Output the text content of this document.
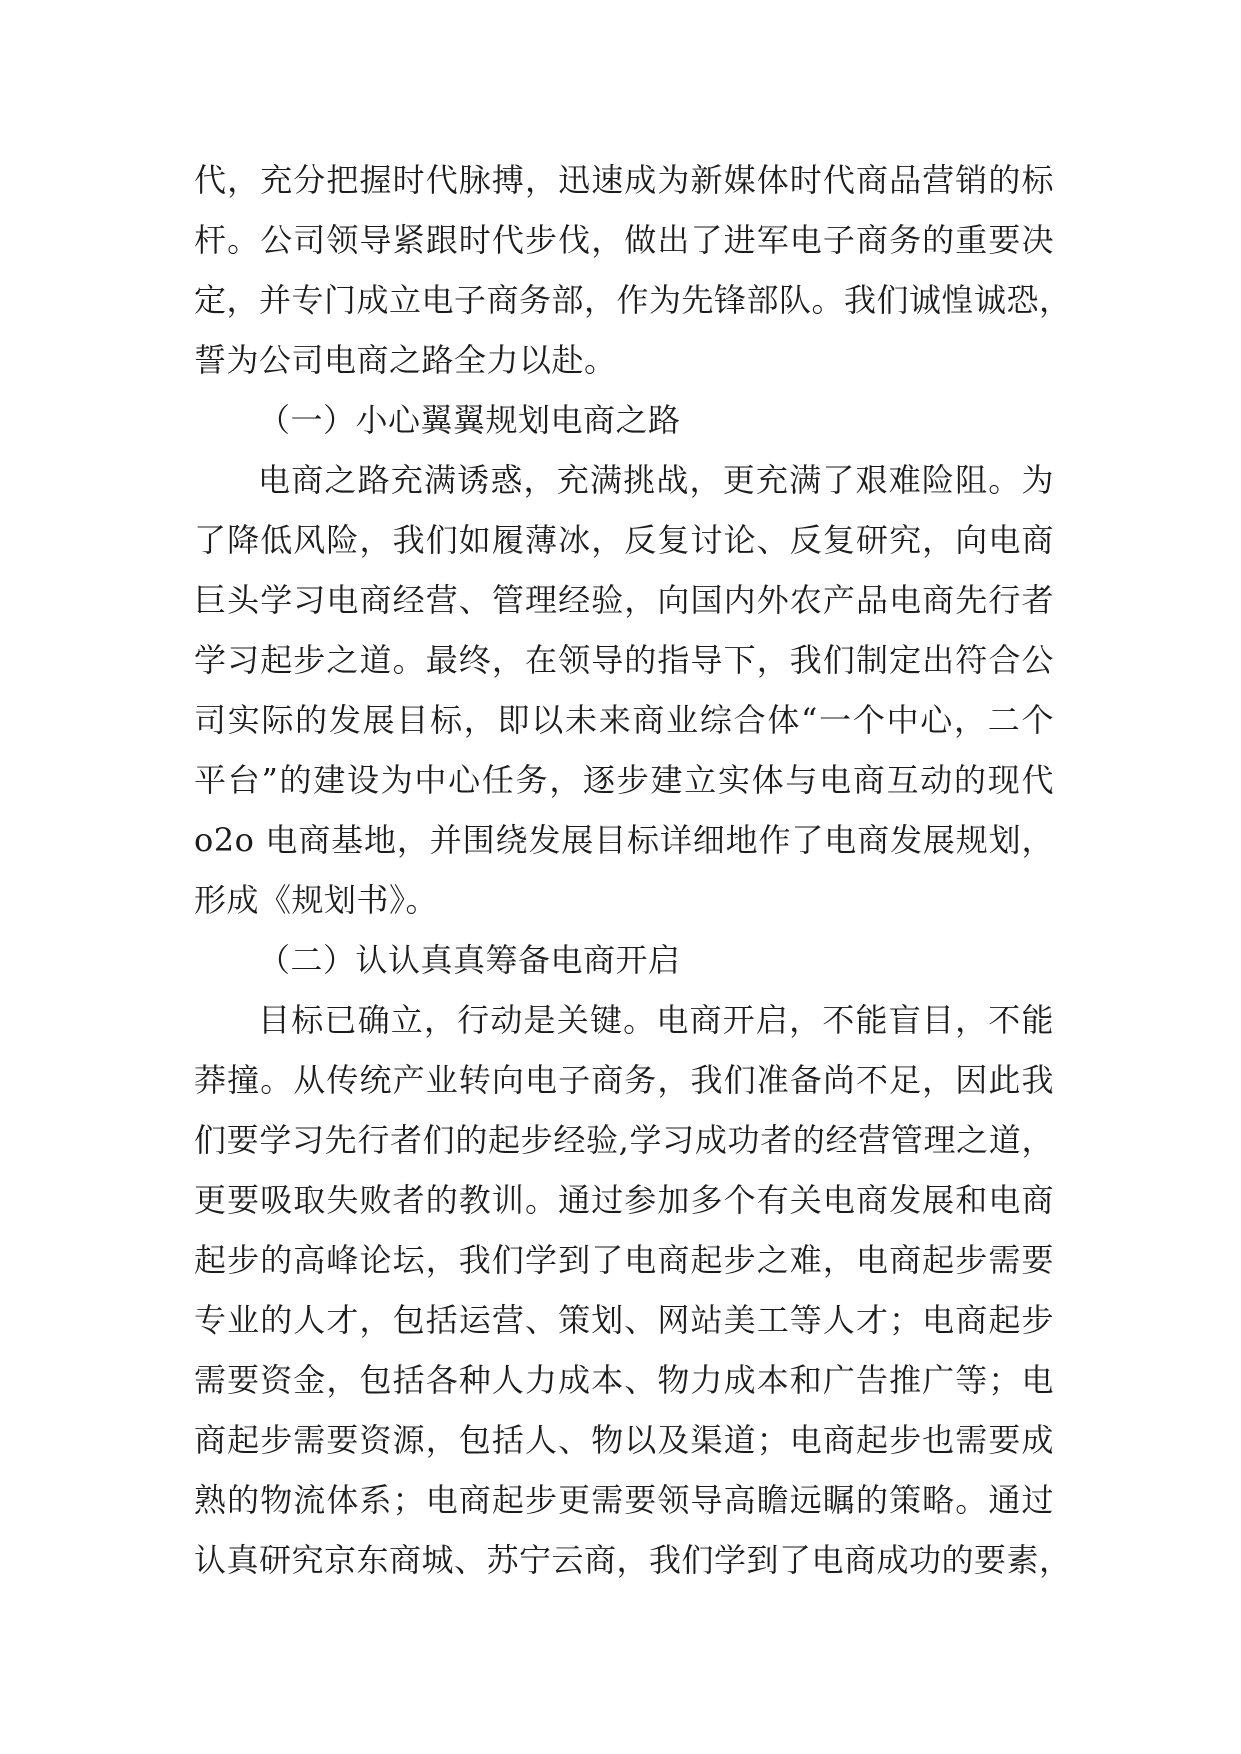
代，充分把握时代脉搏，迅速成为新媒体时代商品营销的标
杆。公司领导紧跟时代步伐，做出了进军电子商务的重要决
定，并专门成立电子商务部，作为先锋部队。我们诚惶诚恐，
誓为公司电商之路全力以赴。
（一）小心翼翼规划电商之路
电商之路充满诱惑，充满挑战，更充满了艰难险阻。为
了降低风险，我们如履薄冰，反复讨论、反复研究，向电商
巨头学习电商经营、管理经验，向国内外农产品电商先行者
学习起步之道。最终，在领导的指导下，我们制定出符合公
司实际的发展目标，即以未来商业综合体“一个中心，二个
平台”的建设为中心任务，逐步建立实体与电商互动的现代
o2o 电商基地，并围绕发展目标详细地作了电商发展规划，
形成《规划书》。
（二）认认真真筹备电商开启
目标已确立，行动是关键。电商开启，不能盲目，不能
莽撞。从传统产业转向电子商务，我们准备尚不足，因此我
们要学习先行者们的起步经验,学习成功者的经营管理之道，
更要吸取失败者的教训。通过参加多个有关电商发展和电商
起步的高峰论坛，我们学到了电商起步之难，电商起步需要
专业的人才，包括运营、策划、网站美工等人才；电商起步
需要资金，包括各种人力成本、物力成本和广告推广等；电
商起步需要资源，包括人、物以及渠道；电商起步也需要成
熟的物流体系；电商起步更需要领导高瞻远瞩的策略。通过
认真研究京东商城、苏宁云商，我们学到了电商成功的要素，
